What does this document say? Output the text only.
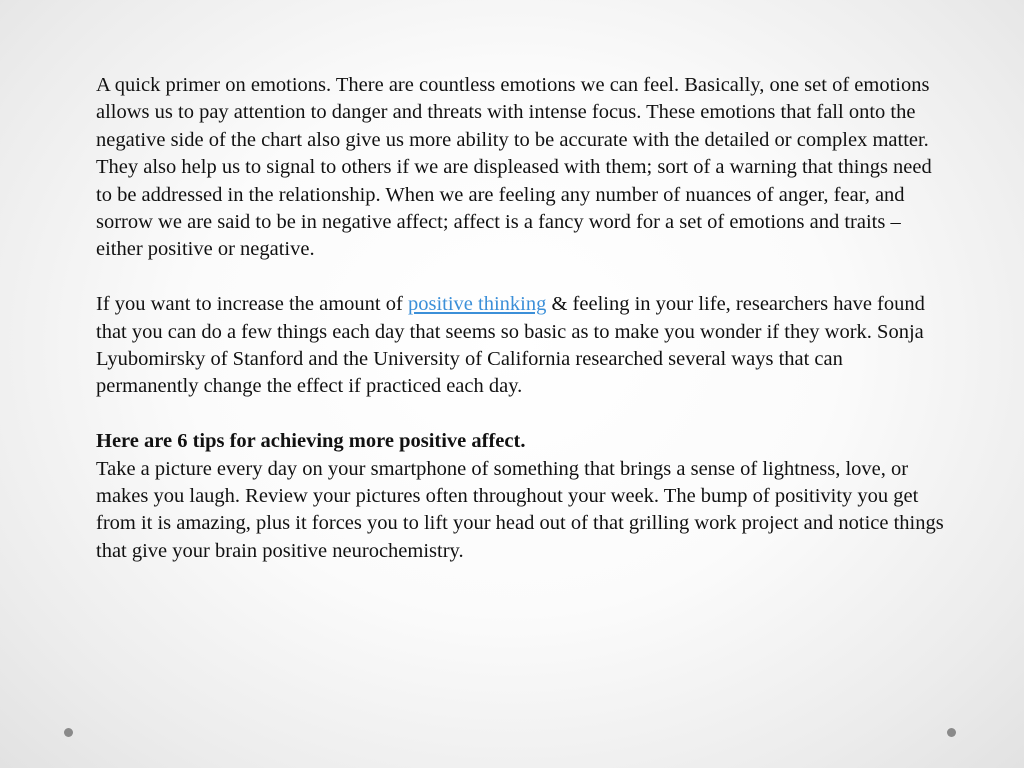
A quick primer on emotions. There are countless emotions we can feel. Basically, one set of emotions allows us to pay attention to danger and threats with intense focus. These emotions that fall onto the negative side of the chart also give us more ability to be accurate with the detailed or complex matter. They also help us to signal to others if we are displeased with them; sort of a warning that things need to be addressed in the relationship. When we are feeling any number of nuances of anger, fear, and sorrow we are said to be in negative affect; affect is a fancy word for a set of emotions and traits – either positive or negative.

If you want to increase the amount of positive thinking & feeling in your life, researchers have found that you can do a few things each day that seems so basic as to make you wonder if they work. Sonja Lyubomirsky of Stanford and the University of California researched several ways that can permanently change the effect if practiced each day.

Here are 6 tips for achieving more positive affect.

Take a picture every day on your smartphone of something that brings a sense of lightness, love, or makes you laugh. Review your pictures often throughout your week. The bump of positivity you get from it is amazing, plus it forces you to lift your head out of that grilling work project and notice things that give your brain positive neurochemistry.
